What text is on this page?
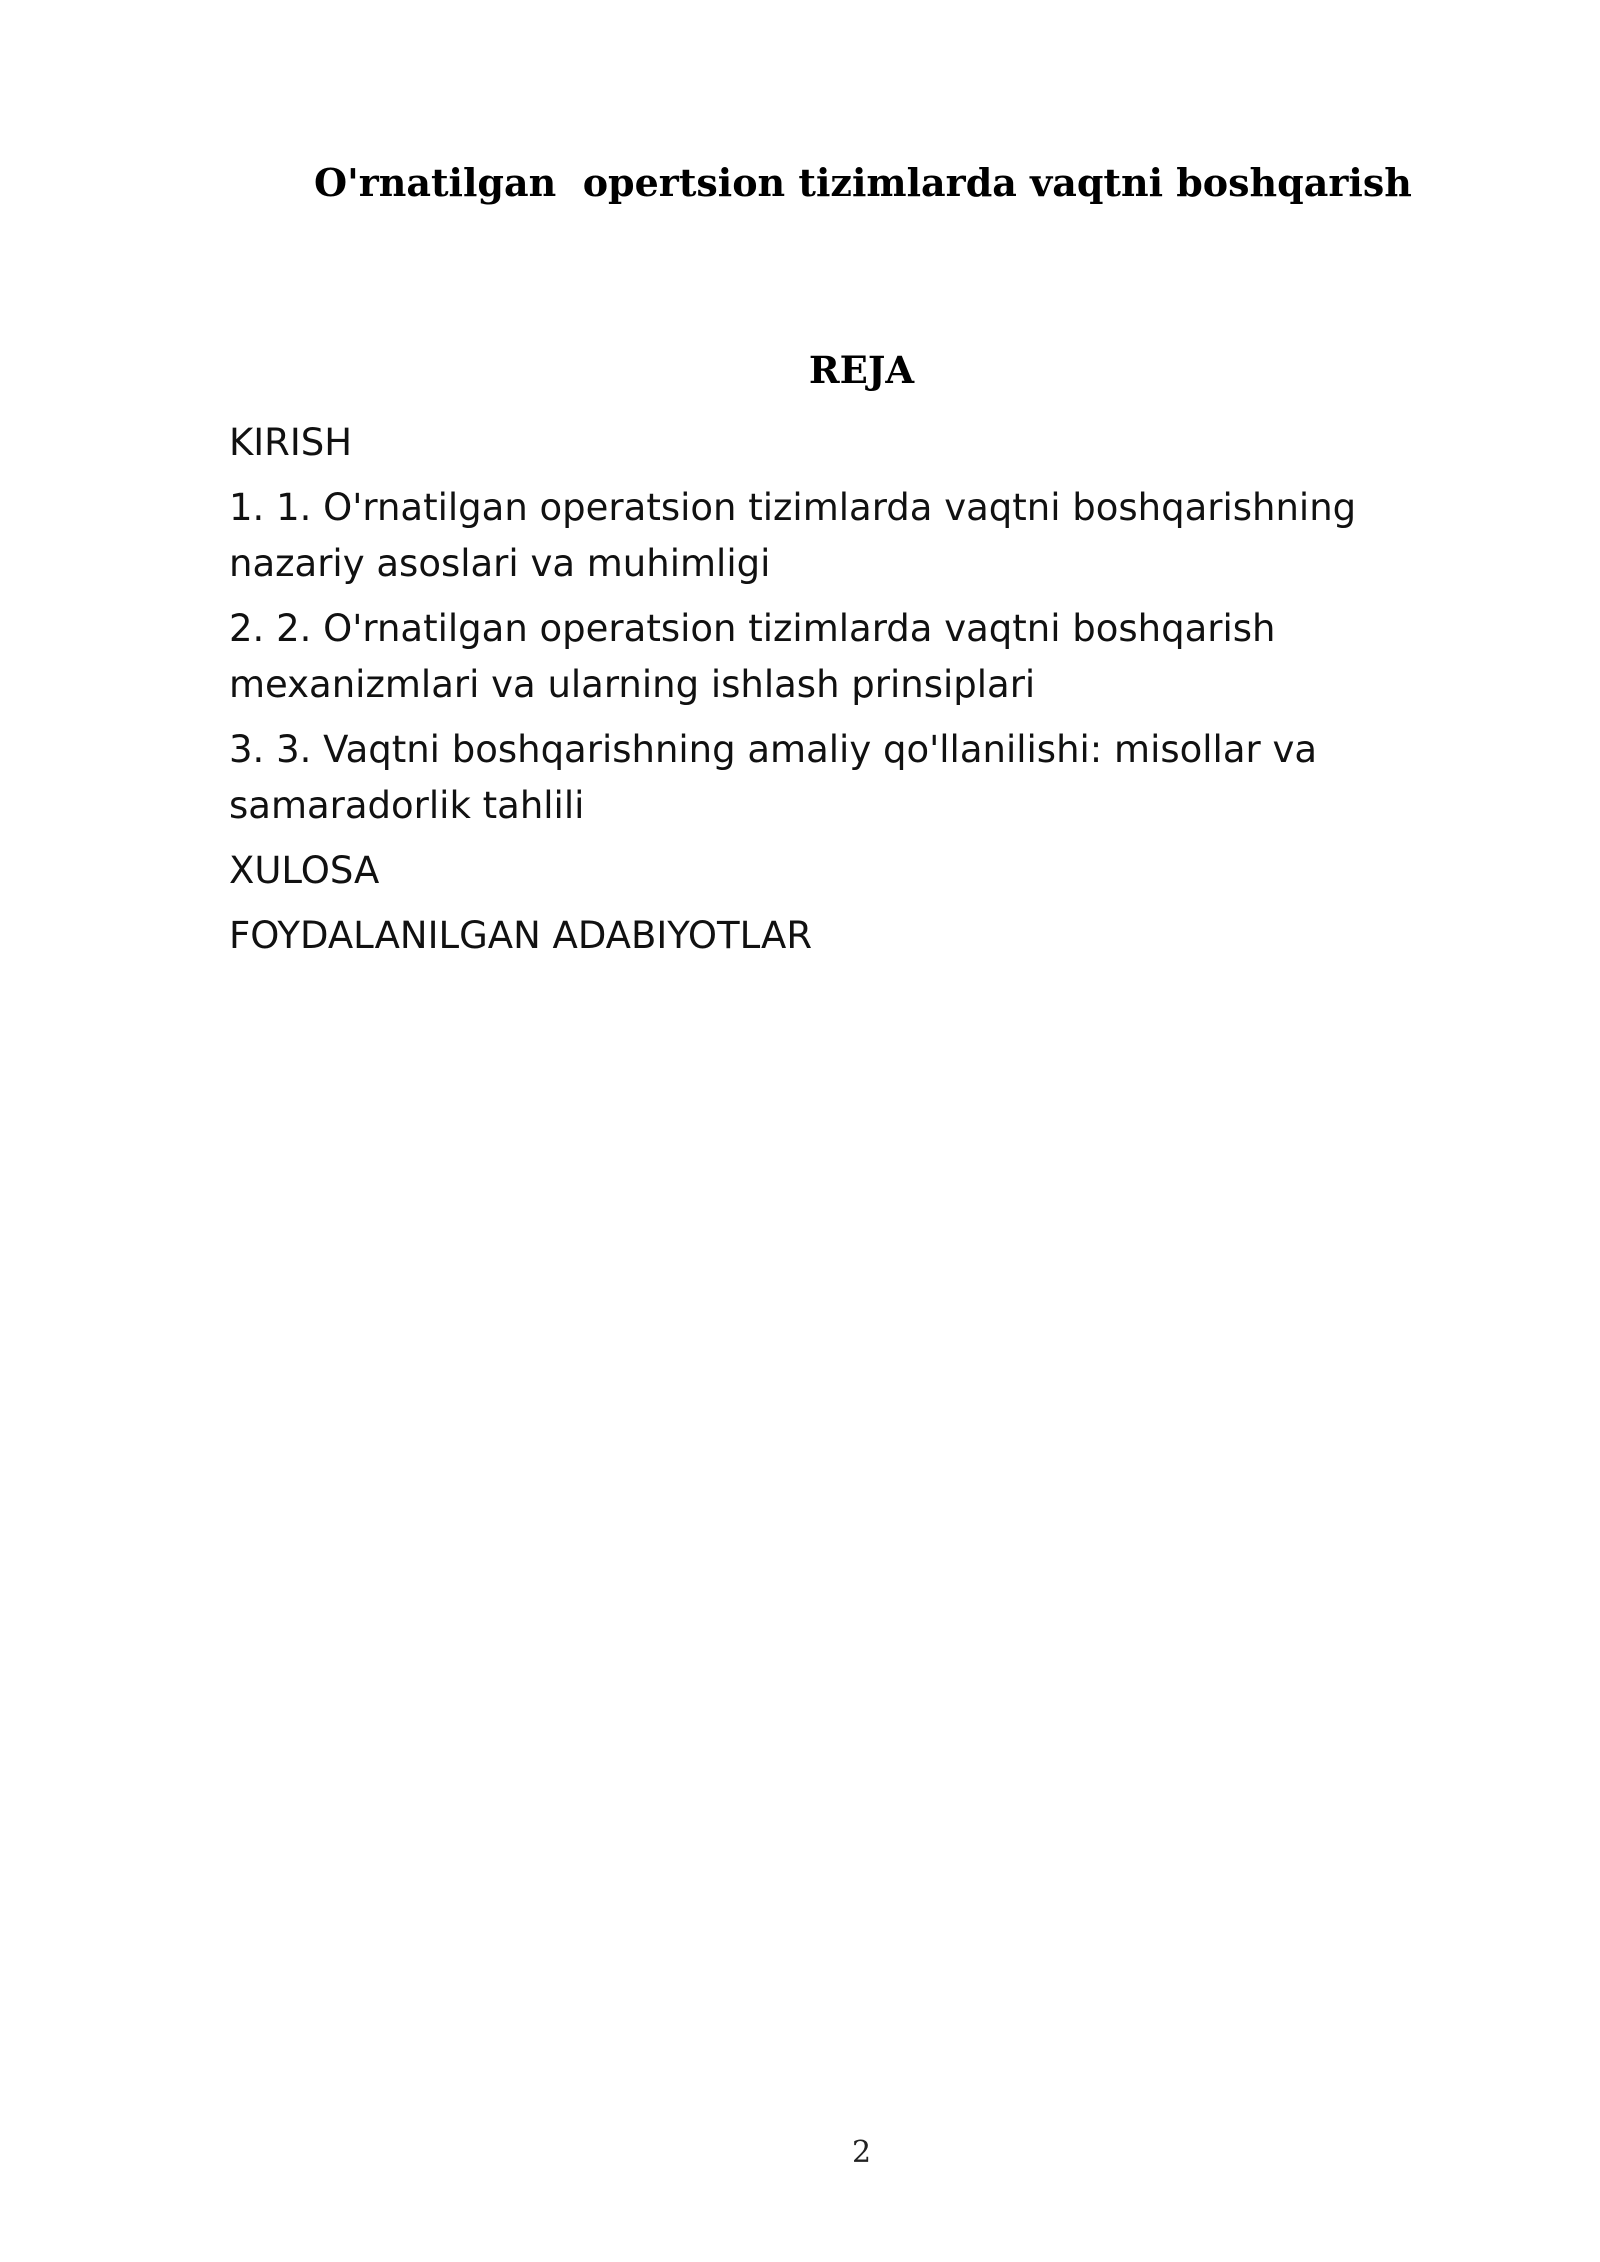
O'rnatilgan  opertsion tizimlarda vaqtni boshqarish
REJA
KIRISH
1. 1. O'rnatilgan operatsion tizimlarda vaqtni boshqarishning nazariy asoslari va muhimligi
2. 2. O'rnatilgan operatsion tizimlarda vaqtni boshqarish mexanizmlari va ularning ishlash prinsiplari
3. 3. Vaqtni boshqarishning amaliy qo'llanilishi: misollar va samaradorlik tahlili
XULOSA
FOYDALANILGAN ADABIYOTLAR
2
